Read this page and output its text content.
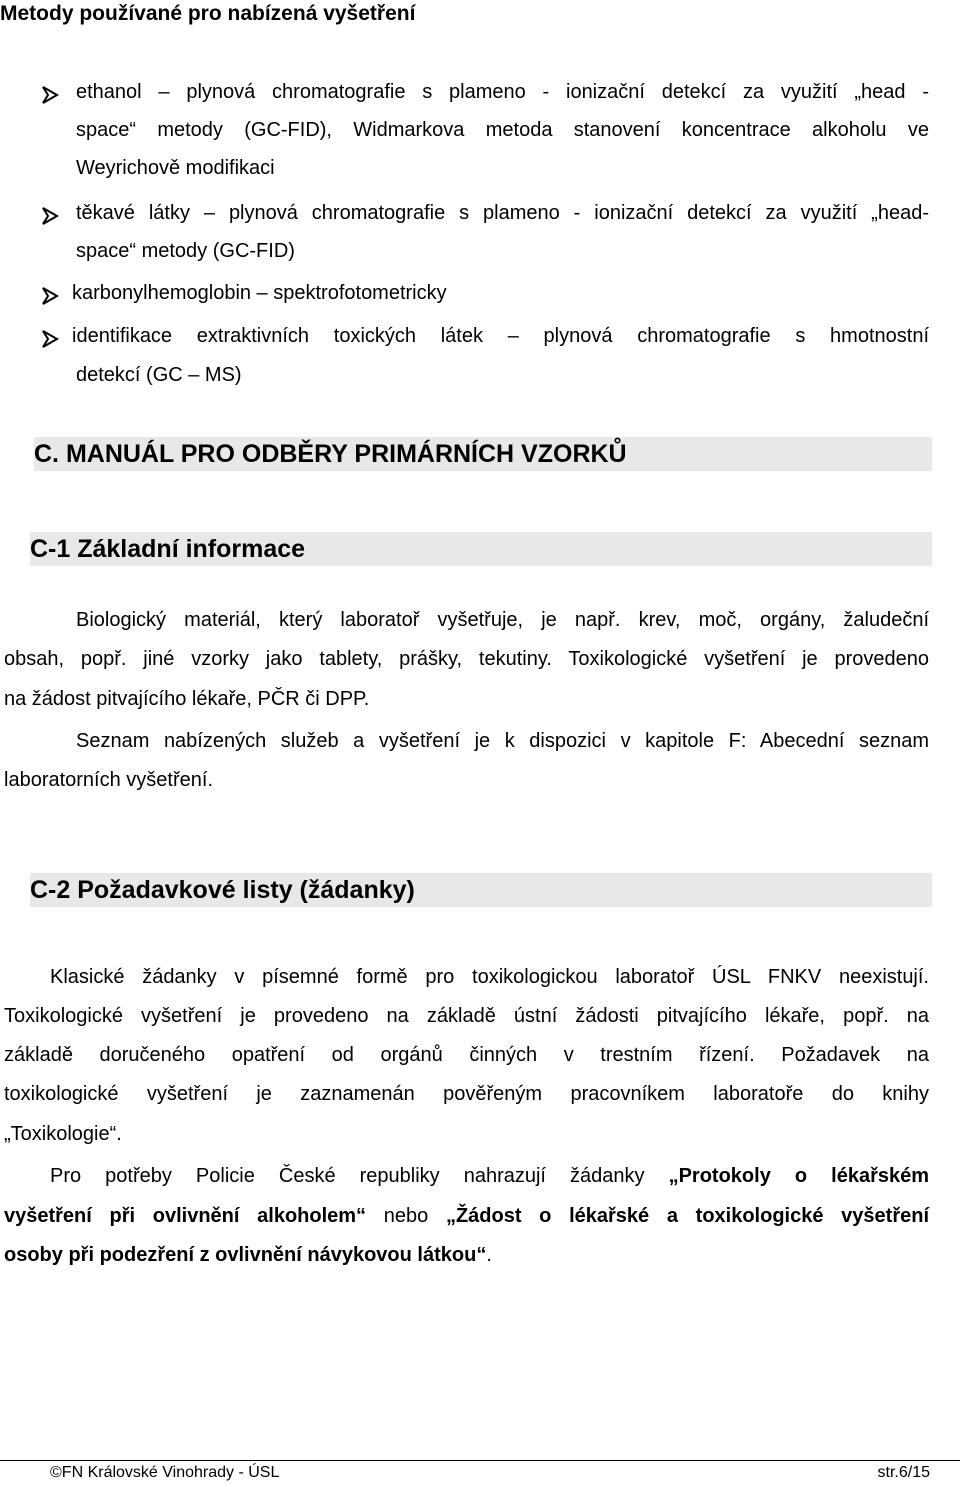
Metody používané pro nabízená vyšetření
ethanol – plynová chromatografie s plameno - ionizační detekcí za využití „head -
space“ metody (GC-FID), Widmarkova metoda stanovení koncentrace alkoholu ve
Weyrichově modifikaci
těkavé látky – plynová chromatografie s plameno - ionizační detekcí za využití „head-
space“ metody (GC-FID)
karbonylhemoglobin – spektrofotometricky
identifikace extraktivních toxických látek – plynová chromatografie s hmotnostní
detekcí (GC – MS)
C. MANUÁL PRO ODBĚRY PRIMÁRNÍCH VZORKŮ
C-1 Základní informace
Biologický materiál, který laboratoř vyšetřuje, je např. krev, moč, orgány, žaludeční
obsah, popř. jiné vzorky jako tablety, prášky, tekutiny. Toxikologické vyšetření je provedeno
na žádost pitvajícího lékaře, PČR či DPP.
Seznam nabízených služeb a vyšetření je k dispozici v kapitole F: Abecední seznam
laboratorních vyšetření.
C-2 Požadavkové listy (žádanky)
Klasické žádanky v písemné formě pro toxikologickou laboratoř ÚSL FNKV neexistují.
Toxikologické vyšetření je provedeno na základě ústní žádosti pitvajícího lékaře, popř. na
základě doručeného opatření od orgánů činných v trestním řízení. Požadavek na
toxikologické vyšetření je zaznamenán pověřeným pracovníkem laboratoře do knihy
„Toxikologie“.
Pro potřeby Policie České republiky nahrazují žádanky „Protokoly o lékařském
vyšetření při ovlivnění alkoholem“ nebo „Žádost o lékařské a toxikologické vyšetření
osoby při podezření z ovlivnění návykovou látkou“.
©FN Královské Vinohrady - ÚSL	str.6/15
